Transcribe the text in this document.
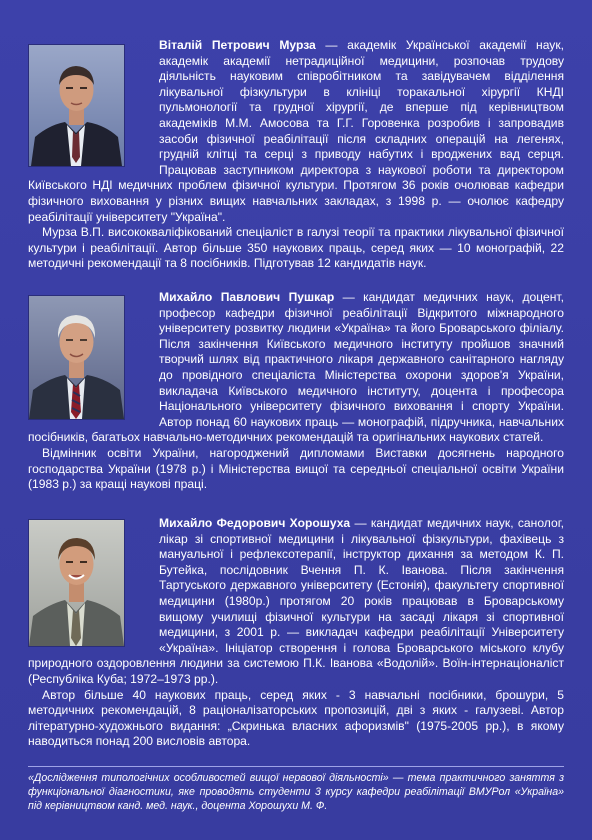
Віталій Петрович Мурза — академік Української академії наук, академік академії нетрадиційної медицини, розпочав трудову діяльність науковим співробітником та завідувачем відділення лікувальної фізкультури в клініці торакальної хірургії КНДІ пульмонології та грудної хірургії, де вперше під керівництвом академіків М.М. Амосова та Г.Г. Горовенка розробив і запровадив засоби фізичної реабілітації після складних операцій на легенях, грудній клітці та серці з приводу набутих і вроджених вад серця. Працював заступником директора з наукової роботи та директором Київського НДІ медичних проблем фізичної культури. Протягом 36 років очолював кафедри фізичного виховання у різних вищих навчальних закладах, з 1998 р. — очолює кафедру реабілітації університету "Україна".

Мурза В.П. висококваліфікований спеціаліст в галузі теорії та практики лікувальної фізичної культури і реабілітації. Автор більше 350 наукових праць, серед яких — 10 монографій, 22 методичні рекомендації та 8 посібників. Підготував 12 кандидатів наук.

Михайло Павлович Пушкар — кандидат медичних наук, доцент, професор кафедри фізичної реабілітації Відкритого міжнародного університету розвитку людини «Україна» та його Броварського філіалу. Після закінчення Київського медичного інституту пройшов значний творчий шлях від практичного лікаря державного санітарного нагляду до провідного спеціаліста Міністерства охорони здоров'я України, викладача Київського медичного інституту, доцента і професора Національного університету фізичного виховання і спорту України. Автор понад 60 наукових праць — монографій, підручника, навчальних посібників, багатьох навчально-методичних рекомендацій та оригінальних наукових статей.

Відмінник освіти України, нагороджений дипломами Виставки досягнень народного господарства України (1978 р.) і Міністерства вищої та середньої спеціальної освіти України (1983 р.) за кращі наукові праці.

Михайло Федорович Хорошуха — кандидат медичних наук, санолог, лікар зі спортивної медицини і лікувальної фізкультури, фахівець з мануальної і рефлексотерапії, інструктор дихання за методом К. П. Бутейка, послідовник Вчення П. К. Іванова. Після закінчення Тартуського державного університету (Естонія), факультету спортивної медицини (1980р.) протягом 20 років працював в Броварському вищому училищі фізичної культури на засаді лікаря зі спортивної медицини, з 2001 р. — викладач кафедри реабілітації Університету «Україна». Ініціатор створення і голова Броварського міського клубу природного оздоровлення людини за системою П.К. Іванова «Водолій». Воїн-інтернаціоналіст (Республіка Куба; 1972–1973 рр.).

Автор більше 40 наукових праць, серед яких - 3 навчальні посібники, брошури, 5 методичних рекомендацій, 8 раціоналізаторських пропозицій, дві з яких - галузеві. Автор літературно-художнього видання: „Скринька власних афоризмів" (1975-2005 рр.), в якому наводиться понад 200 висловів автора.

«Дослідження типологічних особливостей вищої нервової діяльності» — тема практичного заняття з функціональної діагностики, яке проводять студенти 3 курсу кафедри реабілітації ВМУРол «Україна» під керівництвом канд. мед. наук., доцента Хорошухи М. Ф.
